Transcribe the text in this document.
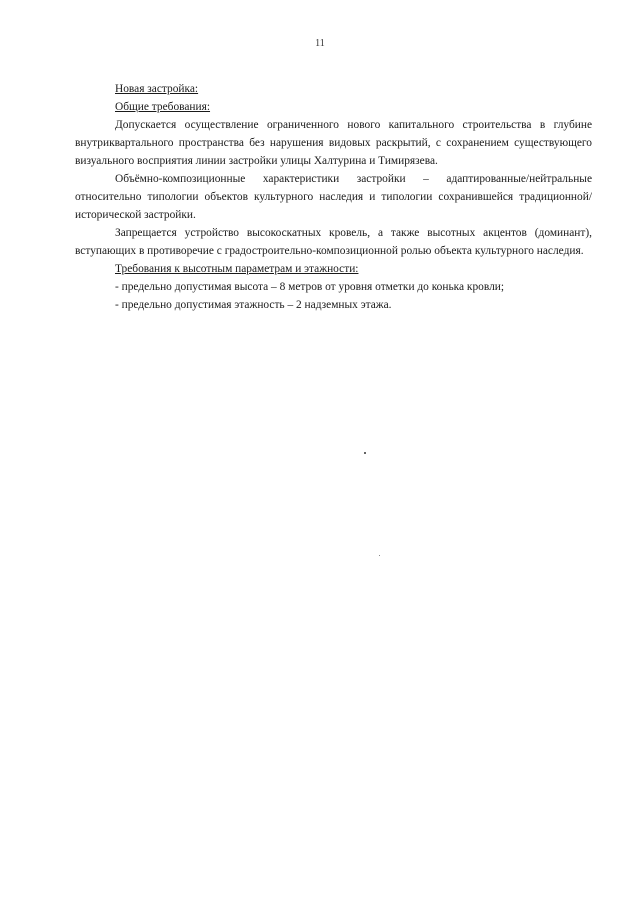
11

Новая застройка:

Общие требования:

Допускается осуществление ограниченного нового капитального строительства в глубине внутриквартального пространства без нарушения видовых раскрытий, с сохранением существующего визуального восприятия линии застройки улицы Халтурина и Тимирязева.

Объёмно-композиционные характеристики застройки – адаптированные/нейтральные относительно типологии объектов культурного наследия и типологии сохранившейся традиционной/исторической застройки.

Запрещается устройство высокоскатных кровель, а также высотных акцентов (доминант), вступающих в противоречие с градостроительно-композиционной ролью объекта культурного наследия.

Требования к высотным параметрам и этажности:

- предельно допустимая высота – 8 метров от уровня отметки до конька кровли;

- предельно допустимая этажность – 2 надземных этажа.
